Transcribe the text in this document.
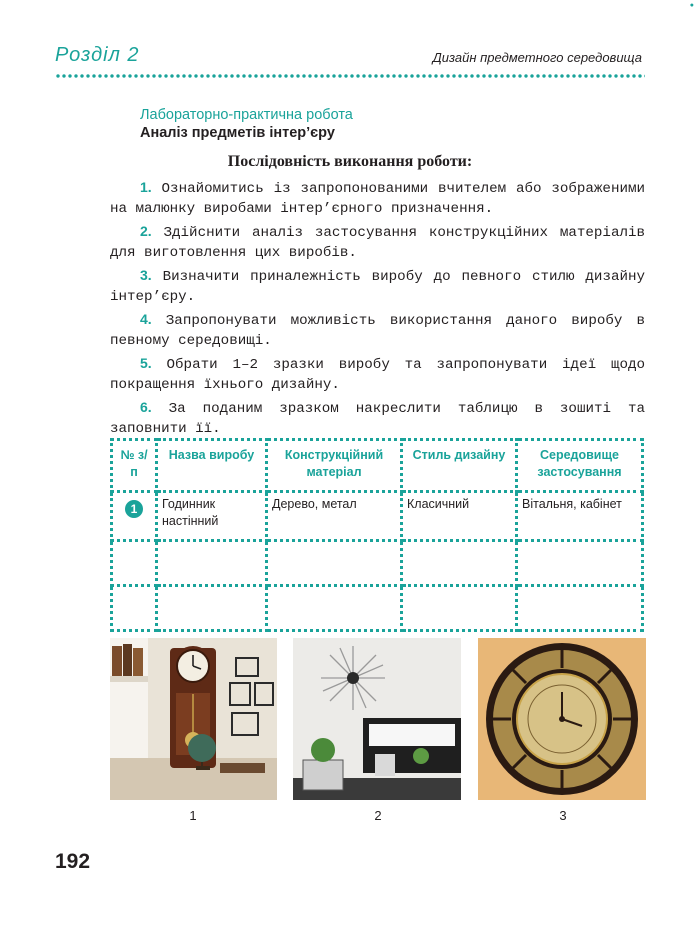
●
Розділ 2	Дизайн предметного середовища
Лабораторно-практична робота
Аналіз предметів інтер’єру
Послідовність виконання роботи:

1. Ознайомитись із запропонованими вчителем або зображеними на малюнку виробами інтер’єрного призначення.

2. Здійснити аналіз застосування конструкційних матеріалів для виготовлення цих виробів.

3. Визначити приналежність виробу до певного стилю дизайну інтер’єру.

4. Запропонувати можливість використання даного виробу в певному середовищі.

5. Обрати 1–2 зразки виробу та запропонувати ідеї щодо покращення їхнього дизайну.

6. За поданим зразком накреслити таблицю в зошиті та заповнити її.

№ з/п	Назва виробу	Конструкційний матеріал	Стиль дизайну	Середовище застосування
1	Годинник настінний	Дерево, метал	Класичний	Вітальня, кабінет

1	2	3
192
